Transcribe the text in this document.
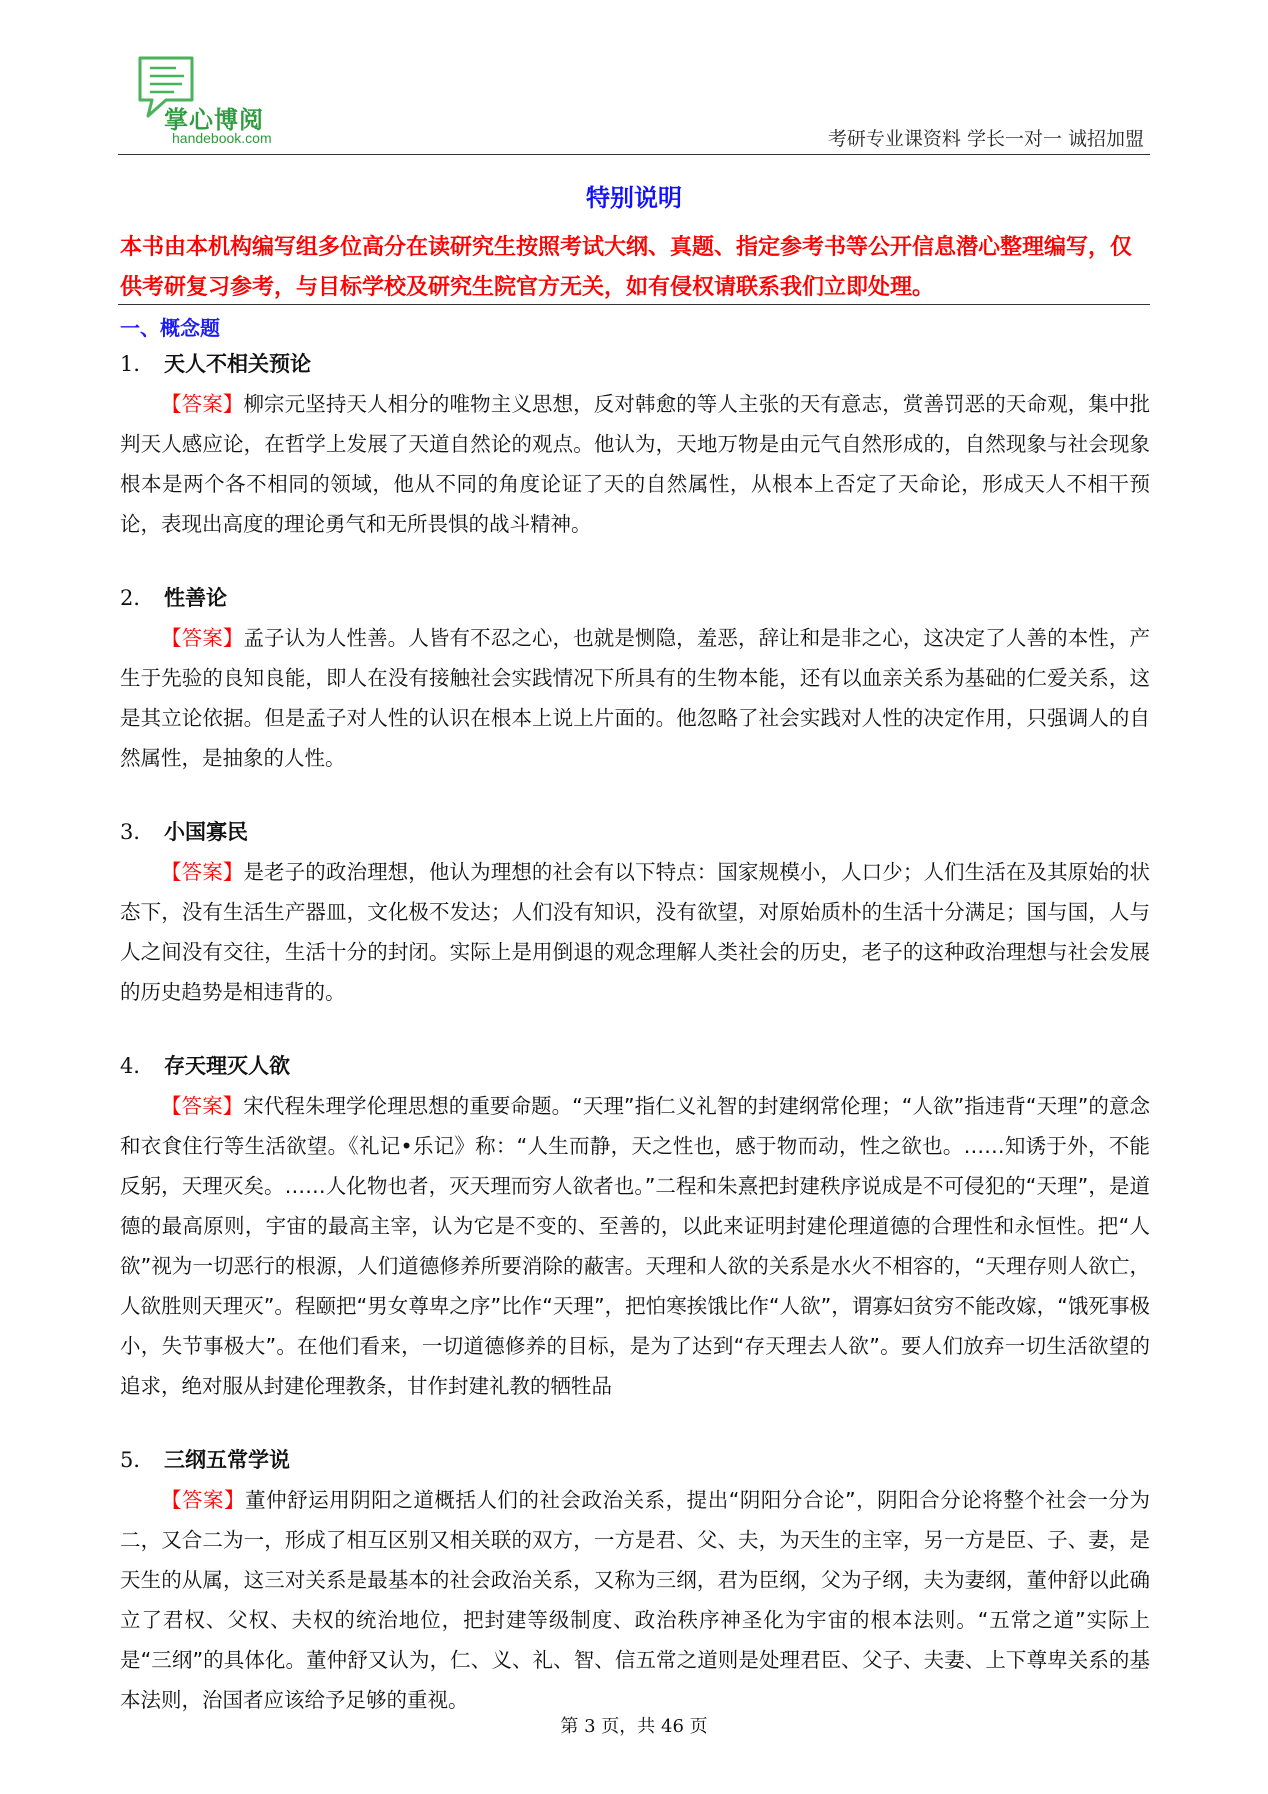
掌心博阅
handebook.com	考研专业课资料 学长一对一 诚招加盟
特别说明
本书由本机构编写组多位高分在读研究生按照考试大纲、真题、指定参考书等公开信息潜心整理编写，仅供考研复习参考，与目标学校及研究生院官方无关，如有侵权请联系我们立即处理。
一、概念题
1． 天人不相关预论
【答案】柳宗元坚持天人相分的唯物主义思想，反对韩愈的等人主张的天有意志，赏善罚恶的天命观，集中批判天人感应论，在哲学上发展了天道自然论的观点。他认为，天地万物是由元气自然形成的，自然现象与社会现象根本是两个各不相同的领域，他从不同的角度论证了天的自然属性，从根本上否定了天命论，形成天人不相干预论，表现出高度的理论勇气和无所畏惧的战斗精神。
2． 性善论
【答案】孟子认为人性善。人皆有不忍之心，也就是恻隐，羞恶，辞让和是非之心，这决定了人善的本性，产生于先验的良知良能，即人在没有接触社会实践情况下所具有的生物本能，还有以血亲关系为基础的仁爱关系，这是其立论依据。但是孟子对人性的认识在根本上说上片面的。他忽略了社会实践对人性的决定作用，只强调人的自然属性，是抽象的人性。
3． 小国寡民
【答案】是老子的政治理想，他认为理想的社会有以下特点：国家规模小，人口少；人们生活在及其原始的状态下，没有生活生产器皿，文化极不发达；人们没有知识，没有欲望，对原始质朴的生活十分满足；国与国，人与人之间没有交往，生活十分的封闭。实际上是用倒退的观念理解人类社会的历史，老子的这种政治理想与社会发展的历史趋势是相违背的。
4． 存天理灭人欲
【答案】宋代程朱理学伦理思想的重要命题。“天理”指仁义礼智的封建纲常伦理；“人欲”指违背“天理”的意念和衣食住行等生活欲望。《礼记•乐记》称：“人生而静，天之性也，感于物而动，性之欲也。……知诱于外，不能反躬，天理灭矣。……人化物也者，灭天理而穷人欲者也。”二程和朱熹把封建秩序说成是不可侵犯的“天理”，是道德的最高原则，宇宙的最高主宰，认为它是不变的、至善的，以此来证明封建伦理道德的合理性和永恒性。把“人欲”视为一切恶行的根源，人们道德修养所要消除的蔽害。天理和人欲的关系是水火不相容的，“天理存则人欲亡，人欲胜则天理灭”。程颐把“男女尊卑之序”比作“天理”，把怕寒挨饿比作“人欲”，谓寡妇贫穷不能改嫁，“饿死事极小，失节事极大”。在他们看来，一切道德修养的目标，是为了达到“存天理去人欲”。要人们放弃一切生活欲望的追求，绝对服从封建伦理教条，甘作封建礼教的牺牲品
5． 三纲五常学说
【答案】董仲舒运用阴阳之道概括人们的社会政治关系，提出“阴阳分合论”，阴阳合分论将整个社会一分为二，又合二为一，形成了相互区别又相关联的双方，一方是君、父、夫，为天生的主宰，另一方是臣、子、妻，是天生的从属，这三对关系是最基本的社会政治关系，又称为三纲，君为臣纲，父为子纲，夫为妻纲，董仲舒以此确立了君权、父权、夫权的统治地位，把封建等级制度、政治秩序神圣化为宇宙的根本法则。“五常之道”实际上是“三纲”的具体化。董仲舒又认为，仁、义、礼、智、信五常之道则是处理君臣、父子、夫妻、上下尊卑关系的基本法则，治国者应该给予足够的重视。
第 3 页，共 46 页
